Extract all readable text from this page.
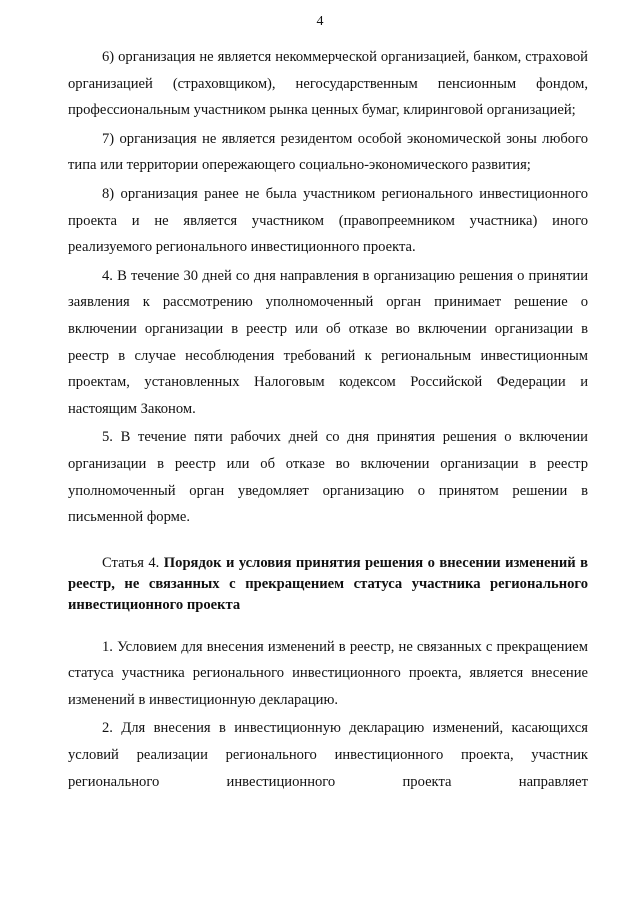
4

6) организация не является некоммерческой организацией, банком, страховой организацией (страховщиком), негосударственным пенсионным фондом, профессиональным участником рынка ценных бумаг, клиринговой организацией;

7) организация не является резидентом особой экономической зоны любого типа или территории опережающего социально-экономического развития;

8) организация ранее не была участником регионального инвестиционного проекта и не является участником (правопреемником участника) иного реализуемого регионального инвестиционного проекта.

4. В течение 30 дней со дня направления в организацию решения о принятии заявления к рассмотрению уполномоченный орган принимает решение о включении организации в реестр или об отказе во включении организации в реестр в случае несоблюдения требований к региональным инвестиционным проектам, установленных Налоговым кодексом Российской Федерации и настоящим Законом.

5. В течение пяти рабочих дней со дня принятия решения о включении организации в реестр или об отказе во включении организации в реестр уполномоченный орган уведомляет организацию о принятом решении в письменной форме.

Статья 4. Порядок и условия принятия решения о внесении изменений в реестр, не связанных с прекращением статуса участника регионального инвестиционного проекта

1. Условием для внесения изменений в реестр, не связанных с прекращением статуса участника регионального инвестиционного проекта, является внесение изменений в инвестиционную декларацию.

2. Для внесения в инвестиционную декларацию изменений, касающихся условий реализации регионального инвестиционного проекта, участник регионального инвестиционного проекта направляет
